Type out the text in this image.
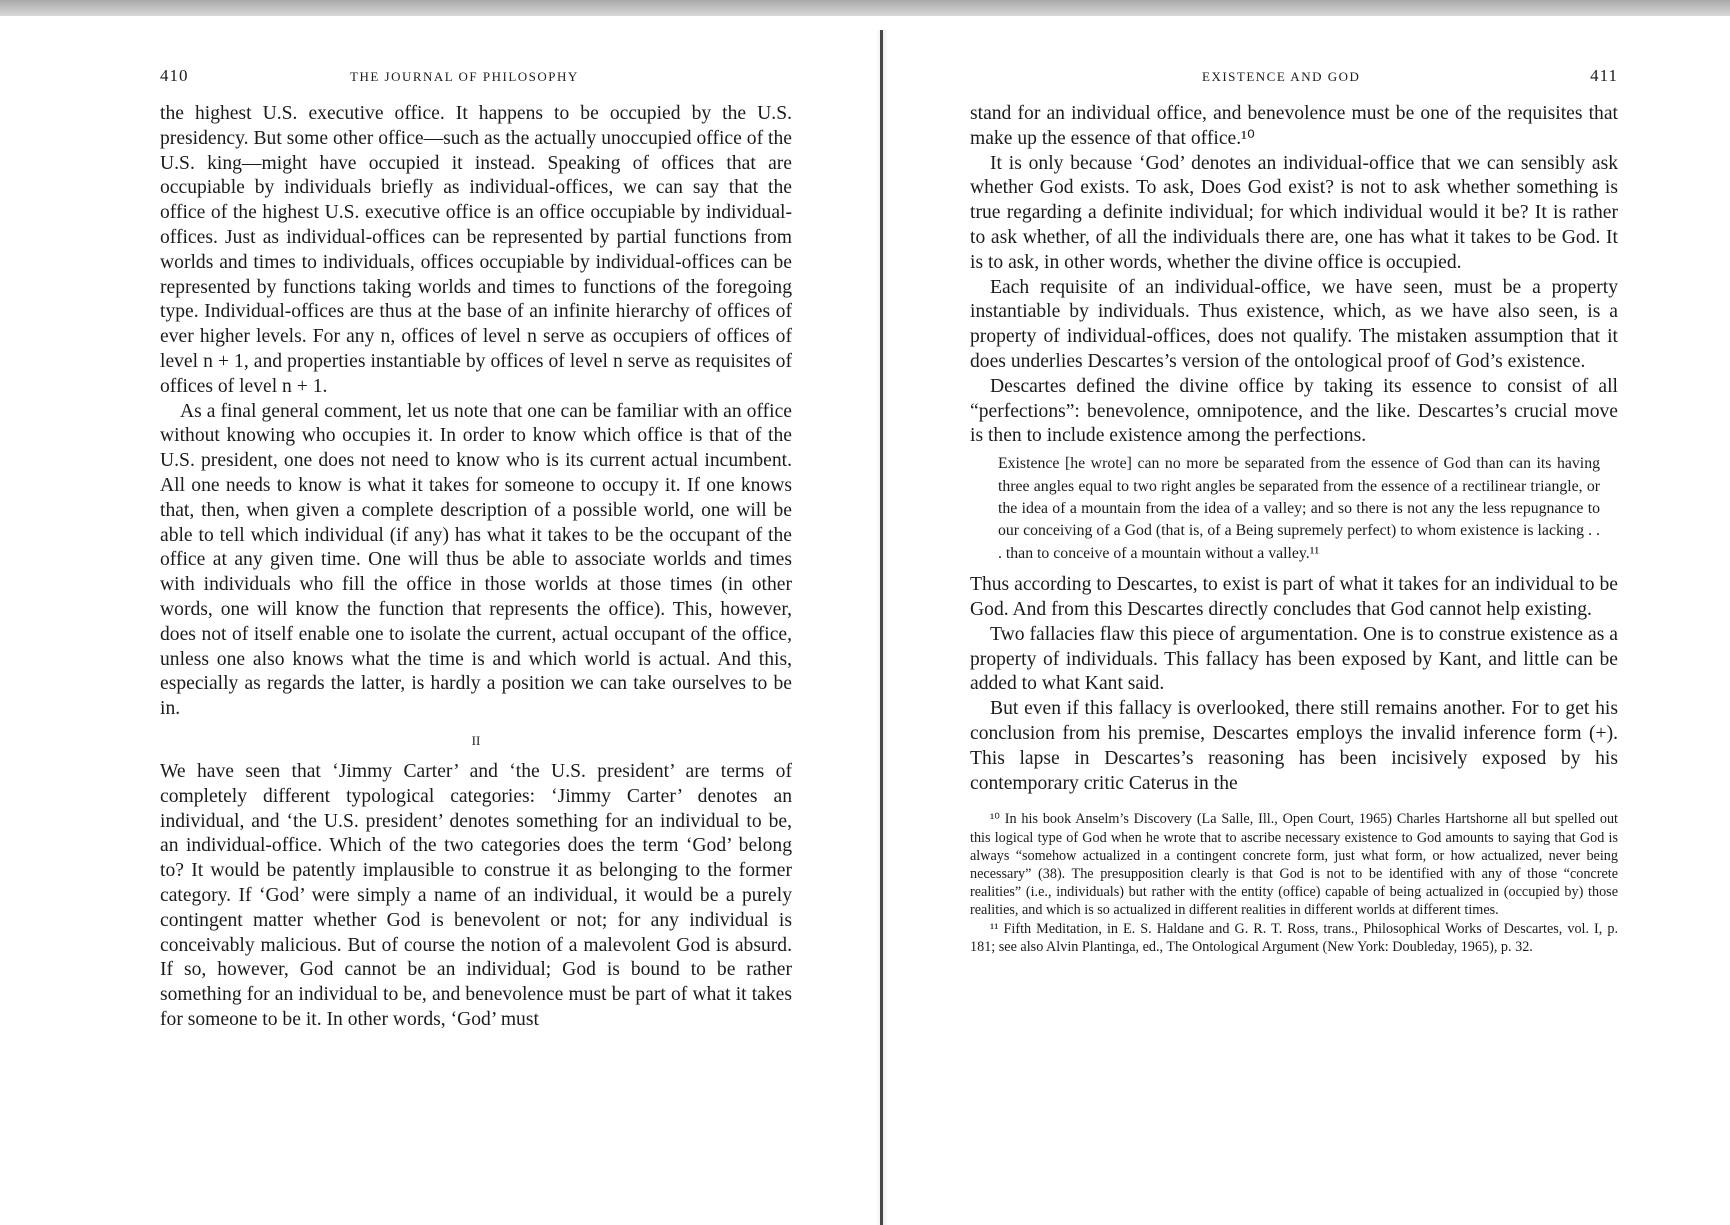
410	THE JOURNAL OF PHILOSOPHY

the highest U.S. executive office. It happens to be occupied by the U.S. presidency. But some other office—such as the actually unoccupied office of the U.S. king—might have occupied it instead. Speaking of offices that are occupiable by individuals briefly as individual-offices, we can say that the office of the highest U.S. executive office is an office occupiable by individual-offices. Just as individual-offices can be represented by partial functions from worlds and times to individuals, offices occupiable by individual-offices can be represented by functions taking worlds and times to functions of the foregoing type. Individual-offices are thus at the base of an infinite hierarchy of offices of ever higher levels. For any n, offices of level n serve as occupiers of offices of level n + 1, and properties instantiable by offices of level n serve as requisites of offices of level n + 1.

As a final general comment, let us note that one can be familiar with an office without knowing who occupies it. In order to know which office is that of the U.S. president, one does not need to know who is its current actual incumbent. All one needs to know is what it takes for someone to occupy it. If one knows that, then, when given a complete description of a possible world, one will be able to tell which individual (if any) has what it takes to be the occupant of the office at any given time. One will thus be able to associate worlds and times with individuals who fill the office in those worlds at those times (in other words, one will know the function that represents the office). This, however, does not of itself enable one to isolate the current, actual occupant of the office, unless one also knows what the time is and which world is actual. And this, especially as regards the latter, is hardly a position we can take ourselves to be in.

II

We have seen that ‘Jimmy Carter’ and ‘the U.S. president’ are terms of completely different typological categories: ‘Jimmy Carter’ denotes an individual, and ‘the U.S. president’ denotes something for an individual to be, an individual-office. Which of the two categories does the term ‘God’ belong to? It would be patently implausible to construe it as belonging to the former category. If ‘God’ were simply a name of an individual, it would be a purely contingent matter whether God is benevolent or not; for any individual is conceivably malicious. But of course the notion of a malevolent God is absurd. If so, however, God cannot be an individual; God is bound to be rather something for an individual to be, and benevolence must be part of what it takes for someone to be it. In other words, ‘God’ must

EXISTENCE AND GOD	411

stand for an individual office, and benevolence must be one of the requisites that make up the essence of that office.¹⁰

It is only because ‘God’ denotes an individual-office that we can sensibly ask whether God exists. To ask, Does God exist? is not to ask whether something is true regarding a definite individual; for which individual would it be? It is rather to ask whether, of all the individuals there are, one has what it takes to be God. It is to ask, in other words, whether the divine office is occupied.

Each requisite of an individual-office, we have seen, must be a property instantiable by individuals. Thus existence, which, as we have also seen, is a property of individual-offices, does not qualify. The mistaken assumption that it does underlies Descartes’s version of the ontological proof of God’s existence.

Descartes defined the divine office by taking its essence to consist of all “perfections”: benevolence, omnipotence, and the like. Descartes’s crucial move is then to include existence among the perfections.

Existence [he wrote] can no more be separated from the essence of God than can its having three angles equal to two right angles be separated from the essence of a rectilinear triangle, or the idea of a mountain from the idea of a valley; and so there is not any the less repugnance to our conceiving of a God (that is, of a Being supremely perfect) to whom existence is lacking . . . than to conceive of a mountain without a valley.¹¹

Thus according to Descartes, to exist is part of what it takes for an individual to be God. And from this Descartes directly concludes that God cannot help existing.

Two fallacies flaw this piece of argumentation. One is to construe existence as a property of individuals. This fallacy has been exposed by Kant, and little can be added to what Kant said.

But even if this fallacy is overlooked, there still remains another. For to get his conclusion from his premise, Descartes employs the invalid inference form (+). This lapse in Descartes’s reasoning has been incisively exposed by his contemporary critic Caterus in the

¹⁰ In his book Anselm’s Discovery (La Salle, Ill., Open Court, 1965) Charles Hartshorne all but spelled out this logical type of God when he wrote that to ascribe necessary existence to God amounts to saying that God is always “somehow actualized in a contingent concrete form, just what form, or how actualized, never being necessary” (38). The presupposition clearly is that God is not to be identified with any of those “concrete realities” (i.e., individuals) but rather with the entity (office) capable of being actualized in (occupied by) those realities, and which is so actualized in different realities in different worlds at different times.

¹¹ Fifth Meditation, in E. S. Haldane and G. R. T. Ross, trans., Philosophical Works of Descartes, vol. I, p. 181; see also Alvin Plantinga, ed., The Ontological Argument (New York: Doubleday, 1965), p. 32.
